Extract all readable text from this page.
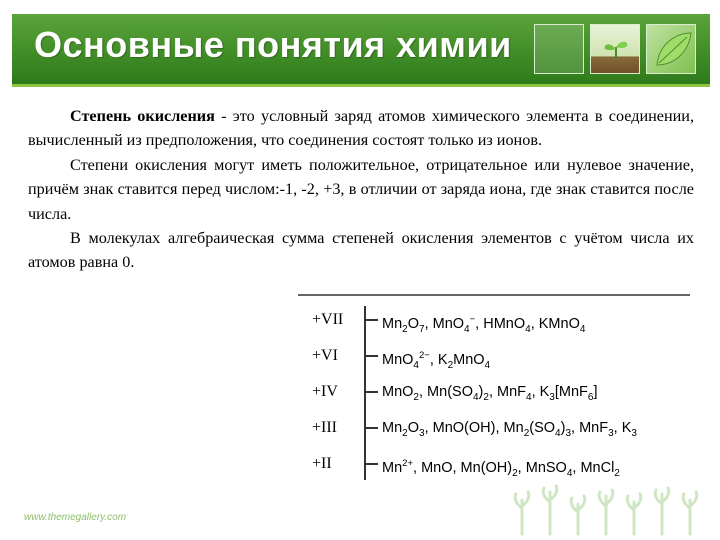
Основные понятия химии

Степень окисления - это условный заряд атомов химического элемента в соединении, вычисленный из предположения, что соединения состоят только из ионов.

Степени окисления могут иметь положительное, отрицательное или нулевое значение, причём знак ставится перед числом:-1, -2, +3, в отличии от заряда иона, где знак ставится после числа.

В молекулах алгебраическая сумма степеней окисления элементов с учётом числа их атомов равна 0.

+VII	$Mn_2O_7$, MnO$_4$−, HMnO$_4$, KMnO$_4$
+VI	MnO$_4^{2-}$, $K_2MnO_4$
+IV	MnO$_2$, $Mn(SO_4)_2$, MnF$_4$, $K_3[MnF_6]$
+III	$Mn_2O_3$, MnO(OH), $Mn_2(SO_4)_3$, MnF$_3$, $K_3$
+II	$Mn^{2+}$, MnO, $Mn(OH)_2$, MnSO$_4$, MnCl$_2$
www.themegallery.com
